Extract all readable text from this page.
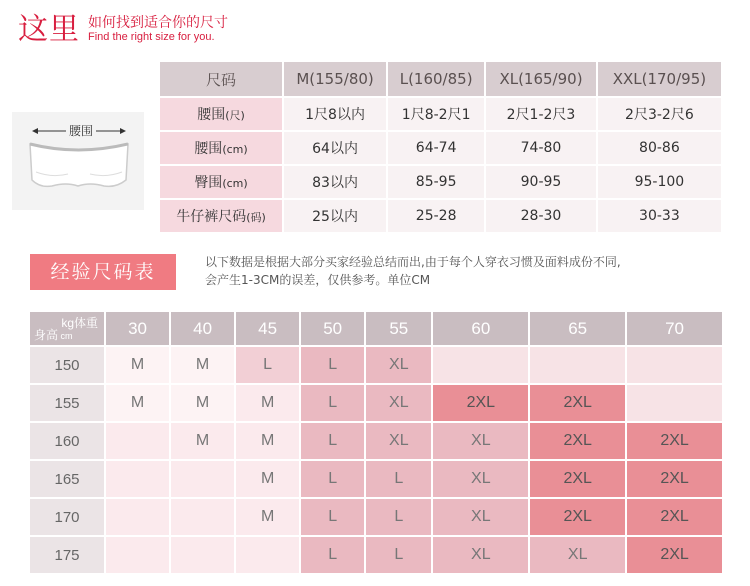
这里 如何找到适合你的尺寸
Find the right size for you.
腰围
尺码	M(155/80)	L(160/85)	XL(165/90)	XXL(170/95)
腰围(尺)	1尺8以内	1尺8-2尺1	2尺1-2尺3	2尺3-2尺6
腰围(cm)	64以内	64-74	74-80	80-86
臀围(cm)	83以内	85-95	90-95	95-100
牛仔裤尺码(码)	25以内	25-28	28-30	30-33
经验尺码表	以下数据是根据大部分买家经验总结而出,由于每个人穿衣习惯及面料成份不同,
会产生1-3CM的误差，仅供参考。单位CM
kg体重
身高 cm	30	40	45	50	55	60	65	70
150	M	M	L	L	XL			
155	M	M	M	L	XL	2XL	2XL	
160		M	M	L	XL	XL	2XL	2XL
165			M	L	L	XL	2XL	2XL
170			M	L	L	XL	2XL	2XL
175				L	L	XL	XL	2XL
